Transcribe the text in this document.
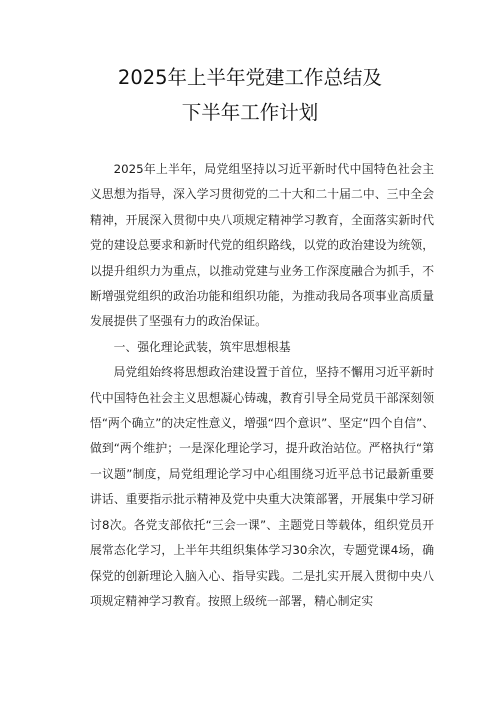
2025年上半年党建工作总结及
下半年工作计划

2025年上半年，局党组坚持以习近平新时代中国特色社会主义思想为指导，深入学习贯彻党的二十大和二十届二中、三中全会精神，开展深入贯彻中央八项规定精神学习教育，全面落实新时代党的建设总要求和新时代党的组织路线，以党的政治建设为统领，以提升组织力为重点，以推动党建与业务工作深度融合为抓手，不断增强党组织的政治功能和组织功能，为推动我局各项事业高质量发展提供了坚强有力的政治保证。

一、强化理论武装，筑牢思想根基

局党组始终将思想政治建设置于首位，坚持不懈用习近平新时代中国特色社会主义思想凝心铸魂，教育引导全局党员干部深刻领悟“两个确立”的决定性意义，增强“四个意识”、坚定“四个自信”、做到“两个维护；一是深化理论学习，提升政治站位。严格执行“第一议题”制度，局党组理论学习中心组围绕习近平总书记最新重要讲话、重要指示批示精神及党中央重大决策部署，开展集中学习研讨8次。各党支部依托“三会一课”、主题党日等载体，组织党员开展常态化学习，上半年共组织集体学习30余次，专题党课4场，确保党的创新理论入脑入心、指导实践。二是扎实开展入贯彻中央八项规定精神学习教育。按照上级统一部署，精心制定实
